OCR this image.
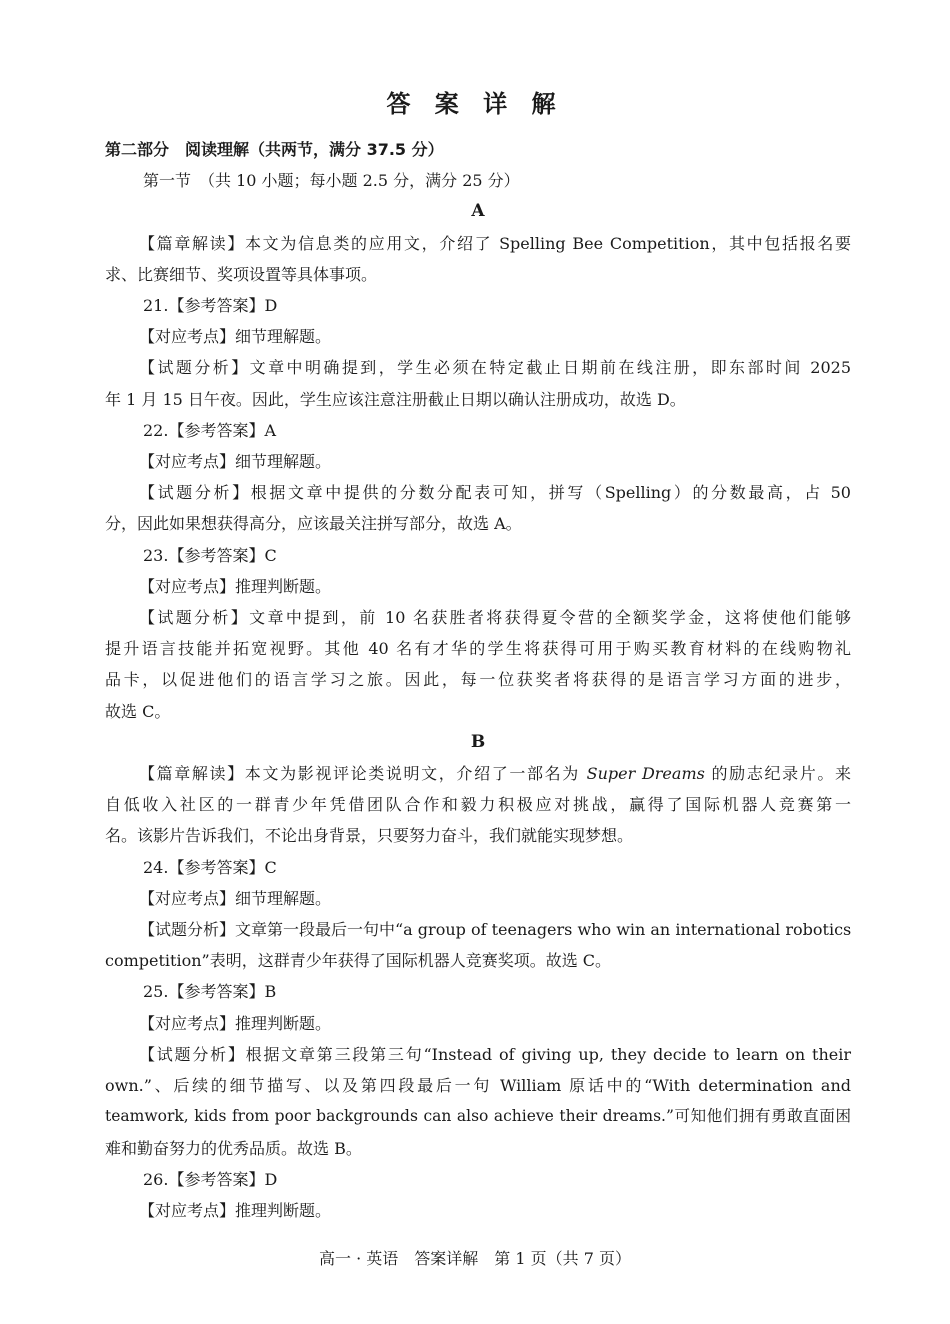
答 案 详 解
第二部分　阅读理解（共两节，满分 37.5 分）
第一节　（共 10 小题；每小题 2.5 分，满分 25 分）
A
【篇章解读】本文为信息类的应用文，介绍了 Spelling Bee Competition，其中包括报名要
求、比赛细节、奖项设置等具体事项。
21.【参考答案】D
【对应考点】细节理解题。
【试题分析】文章中明确提到，学生必须在特定截止日期前在线注册，即东部时间 2025
年 1 月 15 日午夜。因此，学生应该注意注册截止日期以确认注册成功，故选 D。
22.【参考答案】A
【对应考点】细节理解题。
【试题分析】根据文章中提供的分数分配表可知，拼写（Spelling）的分数最高，占 50
分，因此如果想获得高分，应该最关注拼写部分，故选 A。
23.【参考答案】C
【对应考点】推理判断题。
【试题分析】文章中提到，前 10 名获胜者将获得夏令营的全额奖学金，这将使他们能够
提升语言技能并拓宽视野。其他 40 名有才华的学生将获得可用于购买教育材料的在线购物礼
品卡，以促进他们的语言学习之旅。因此，每一位获奖者将获得的是语言学习方面的进步，
故选 C。
B
【篇章解读】本文为影视评论类说明文，介绍了一部名为 Super Dreams 的励志纪录片。来
自低收入社区的一群青少年凭借团队合作和毅力积极应对挑战，赢得了国际机器人竞赛第一
名。该影片告诉我们，不论出身背景，只要努力奋斗，我们就能实现梦想。
24.【参考答案】C
【对应考点】细节理解题。
【试题分析】文章第一段最后一句中“a group of teenagers who win an international robotics
competition”表明，这群青少年获得了国际机器人竞赛奖项。故选 C。
25.【参考答案】B
【对应考点】推理判断题。
【试题分析】根据文章第三段第三句“Instead of giving up, they decide to learn on their
own.”、后续的细节描写、以及第四段最后一句 William 原话中的“With determination and
teamwork, kids from poor backgrounds can also achieve their dreams.”可知他们拥有勇敢直面困
难和勤奋努力的优秀品质。故选 B。
26.【参考答案】D
【对应考点】推理判断题。
高一 · 英语　答案详解　第 1 页（共 7 页）
